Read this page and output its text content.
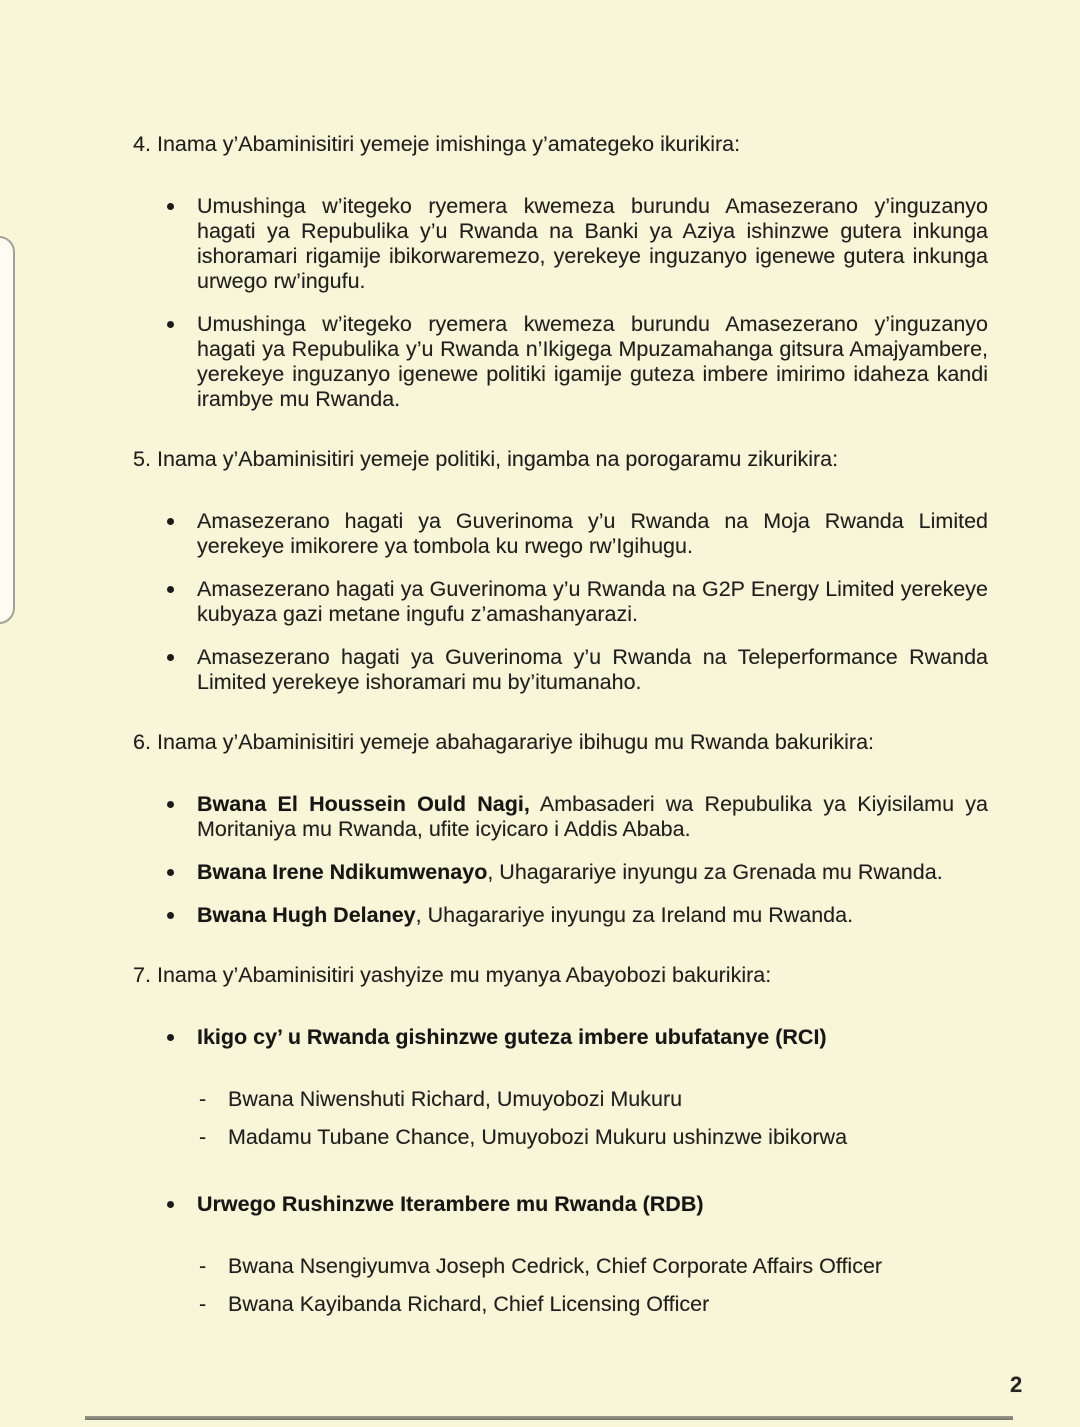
4. Inama y’Abaminisitiri yemeje imishinga y’amategeko ikurikira:
Umushinga w’itegeko ryemera kwemeza burundu Amasezerano y’inguzanyo
hagati ya Repubulika y’u Rwanda na Banki ya Aziya ishinzwe gutera inkunga
ishoramari rigamije ibikorwaremezo, yerekeye inguzanyo igenewe gutera inkunga
urwego rw’ingufu.
Umushinga w’itegeko ryemera kwemeza burundu Amasezerano y’inguzanyo
hagati ya Repubulika y’u Rwanda n’Ikigega Mpuzamahanga gitsura Amajyambere,
yerekeye inguzanyo igenewe politiki igamije guteza imbere imirimo idaheza kandi
irambye mu Rwanda.
5. Inama y’Abaminisitiri yemeje politiki, ingamba na porogaramu zikurikira:
Amasezerano hagati ya Guverinoma y’u Rwanda na Moja Rwanda Limited
yerekeye imikorere ya tombola ku rwego rw’Igihugu.
Amasezerano hagati ya Guverinoma y’u Rwanda na G2P Energy Limited yerekeye
kubyaza gazi metane ingufu z’amashanyarazi.
Amasezerano hagati ya Guverinoma y’u Rwanda na Teleperformance Rwanda
Limited yerekeye ishoramari mu by’itumanaho.
6. Inama y’Abaminisitiri yemeje abahagarariye ibihugu mu Rwanda bakurikira:
Bwana El Houssein Ould Nagi, Ambasaderi wa Repubulika ya Kiyisilamu ya
Moritaniya mu Rwanda, ufite icyicaro i Addis Ababa.
Bwana Irene Ndikumwenayo, Uhagarariye inyungu za Grenada mu Rwanda.
Bwana Hugh Delaney, Uhagarariye inyungu za Ireland mu Rwanda.
7. Inama y’Abaminisitiri yashyize mu myanya Abayobozi bakurikira:
Ikigo cy’ u Rwanda gishinzwe guteza imbere ubufatanye (RCI)
- Bwana Niwenshuti Richard, Umuyobozi Mukuru
- Madamu Tubane Chance, Umuyobozi Mukuru ushinzwe ibikorwa
Urwego Rushinzwe Iterambere mu Rwanda (RDB)
- Bwana Nsengiyumva Joseph Cedrick, Chief Corporate Affairs Officer
- Bwana Kayibanda Richard, Chief Licensing Officer
2
